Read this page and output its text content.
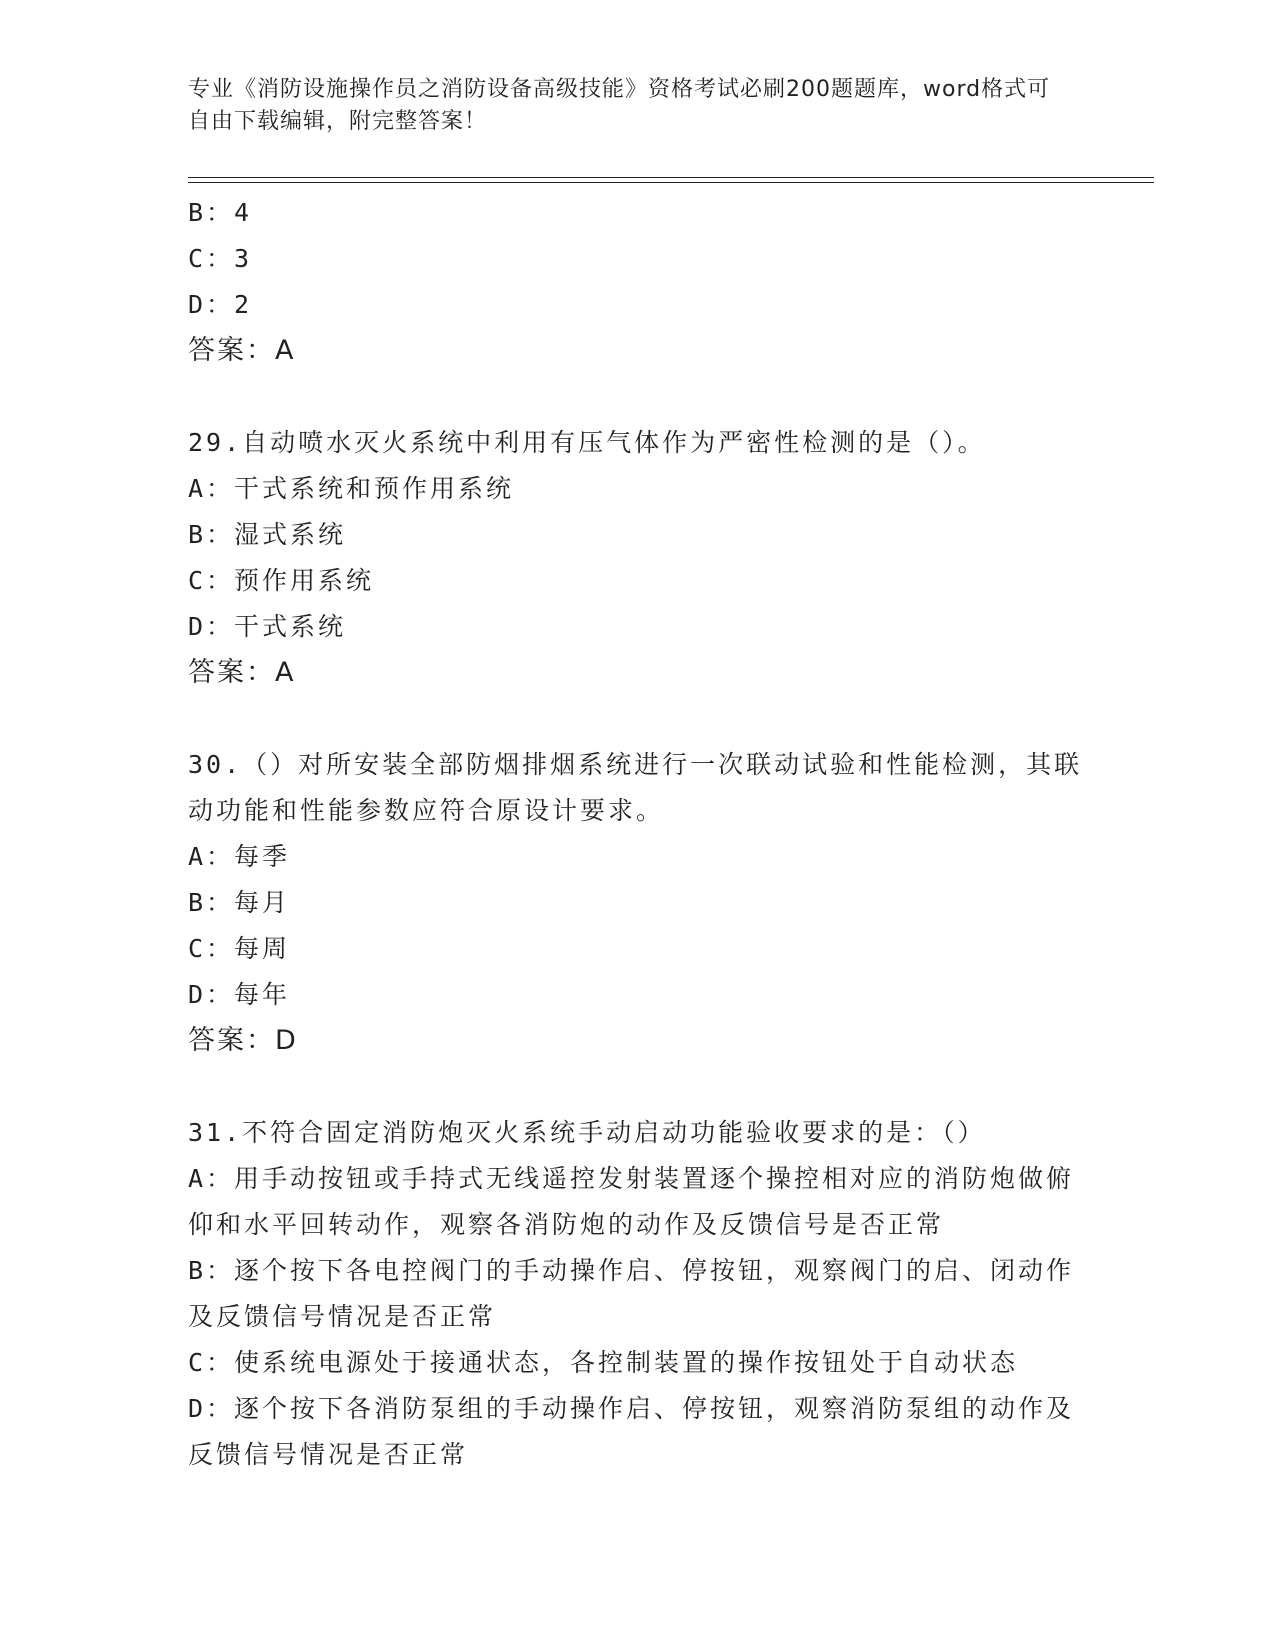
专业《消防设施操作员之消防设备高级技能》资格考试必刷200题题库，word格式可自由下载编辑，附完整答案！
B：4
C：3
D：2
答案：A
29.自动喷水灭火系统中利用有压气体作为严密性检测的是（）。
A：干式系统和预作用系统
B：湿式系统
C：预作用系统
D：干式系统
答案：A
30.（）对所安装全部防烟排烟系统进行一次联动试验和性能检测，其联动功能和性能参数应符合原设计要求。
A：每季
B：每月
C：每周
D：每年
答案：D
31.不符合固定消防炮灭火系统手动启动功能验收要求的是：（）
A：用手动按钮或手持式无线遥控发射装置逐个操控相对应的消防炮做俯仰和水平回转动作，观察各消防炮的动作及反馈信号是否正常
B：逐个按下各电控阀门的手动操作启、停按钮，观察阀门的启、闭动作及反馈信号情况是否正常
C：使系统电源处于接通状态，各控制装置的操作按钮处于自动状态
D：逐个按下各消防泵组的手动操作启、停按钮，观察消防泵组的动作及反馈信号情况是否正常
